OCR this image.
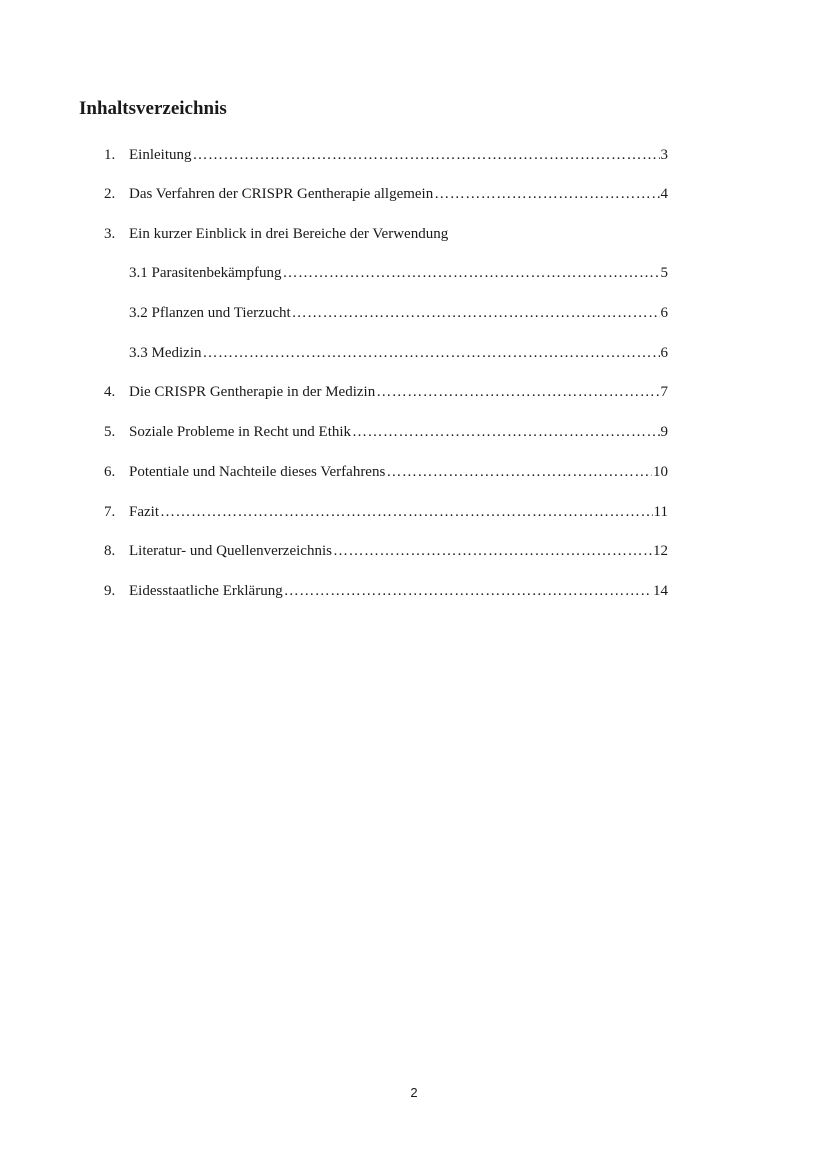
Inhaltsverzeichnis
1. Einleitung ……………………………………………………………………………………………………………………………………………………	3
2. Das Verfahren der CRISPR Gentherapie allgemein ……………………………………………………………………………………………………………………………………………………	4
3. Ein kurzer Einblick in drei Bereiche der Verwendung
3.1 Parasitenbekämpfung ……………………………………………………………………………………………………………………………………………………	5
3.2 Pflanzen und Tierzucht ……………………………………………………………………………………………………………………………………………………	6
3.3 Medizin ……………………………………………………………………………………………………………………………………………………	6
4. Die CRISPR Gentherapie in der Medizin ……………………………………………………………………………………………………………………………………………………	7
5. Soziale Probleme in Recht und Ethik ……………………………………………………………………………………………………………………………………………………	9
6. Potentiale und Nachteile dieses Verfahrens ……………………………………………………………………………………………………………………………………………………	10
7. Fazit ……………………………………………………………………………………………………………………………………………………	11
8. Literatur- und Quellenverzeichnis ……………………………………………………………………………………………………………………………………………………	12
9. Eidesstaatliche Erklärung ……………………………………………………………………………………………………………………………………………………	14
2
